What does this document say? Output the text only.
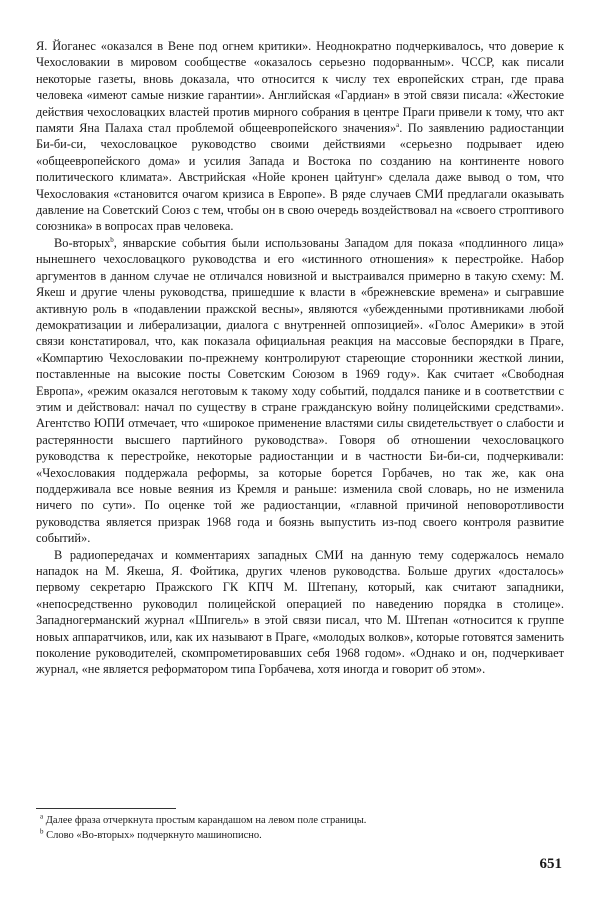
Я. Йоганес «оказался в Вене под огнем критики». Неоднократно подчеркивалось, что доверие к Чехословакии в мировом сообществе «оказалось серьезно подорванным». ЧССР, как писали некоторые газеты, вновь доказала, что относится к числу тех европейских стран, где права человека «имеют самые низкие гарантии». Английская «Гардиан» в этой связи писала: «Жестокие действия чехословацких властей против мирного собрания в центре Праги привели к тому, что акт памяти Яна Палаха стал проблемой общеевропейского значения»$^a$. По заявлению радиостанции Би-би-си, чехословацкое руководство своими действиями «серьезно подрывает идею «общеевропейского дома» и усилия Запада и Востока по созданию на континенте нового политического климата». Австрийская «Нойе кронен цайтунг» сделала даже вывод о том, что Чехословакия «становится очагом кризиса в Европе». В ряде случаев СМИ предлагали оказывать давление на Советский Союз с тем, чтобы он в свою очередь воздействовал на «своего строптивого союзника» в вопросах прав человека.

Во-вторых$^b$, январские события были использованы Западом для показа «подлинного лица» нынешнего чехословацкого руководства и его «истинного отношения» к перестройке. Набор аргументов в данном случае не отличался новизной и выстраивался примерно в такую схему: М. Якеш и другие члены руководства, пришедшие к власти в «брежневские времена» и сыгравшие активную роль в «подавлении пражской весны», являются «убежденными противниками любой демократизации и либерализации, диалога с внутренней оппозицией». «Голос Америки» в этой связи констатировал, что, как показала официальная реакция на массовые беспорядки в Праге, «Компартию Чехословакии по-прежнему контролируют стареющие сторонники жесткой линии, поставленные на высокие посты Советским Союзом в 1969 году». Как считает «Свободная Европа», «режим оказался неготовым к такому ходу событий, поддался панике и в соответствии с этим и действовал: начал по существу в стране гражданскую войну полицейскими средствами». Агентство ЮПИ отмечает, что «широкое применение властями силы свидетельствует о слабости и растерянности высшего партийного руководства». Говоря об отношении чехословацкого руководства к перестройке, некоторые радиостанции и в частности Би-би-си, подчеркивали: «Чехословакия поддержала реформы, за которые борется Горбачев, но так же, как она поддерживала все новые веяния из Кремля и раньше: изменила свой словарь, но не изменила ничего по сути». По оценке той же радиостанции, «главной причиной неповоротливости руководства является призрак 1968 года и боязнь выпустить из-под своего контроля развитие событий».

В радиопередачах и комментариях западных СМИ на данную тему содержалось немало нападок на М. Якеша, Я. Фойтика, других членов руководства. Больше других «досталось» первому секретарю Пражского ГК КПЧ М. Штепану, который, как считают западники, «непосредственно руководил полицейской операцией по наведению порядка в столице». Западногерманский журнал «Шпигель» в этой связи писал, что М. Штепан «относится к группе новых аппаратчиков, или, как их называют в Праге, «молодых волков», которые готовятся заменить поколение руководителей, скомпрометировавших себя 1968 годом». «Однако и он, подчеркивает журнал, «не является реформатором типа Горбачева, хотя иногда и говорит об этом».

$^a$ Далее фраза отчеркнута простым карандашом на левом поле страницы.

$^b$ Слово «Во-вторых» подчеркнуто машинописно.

651
